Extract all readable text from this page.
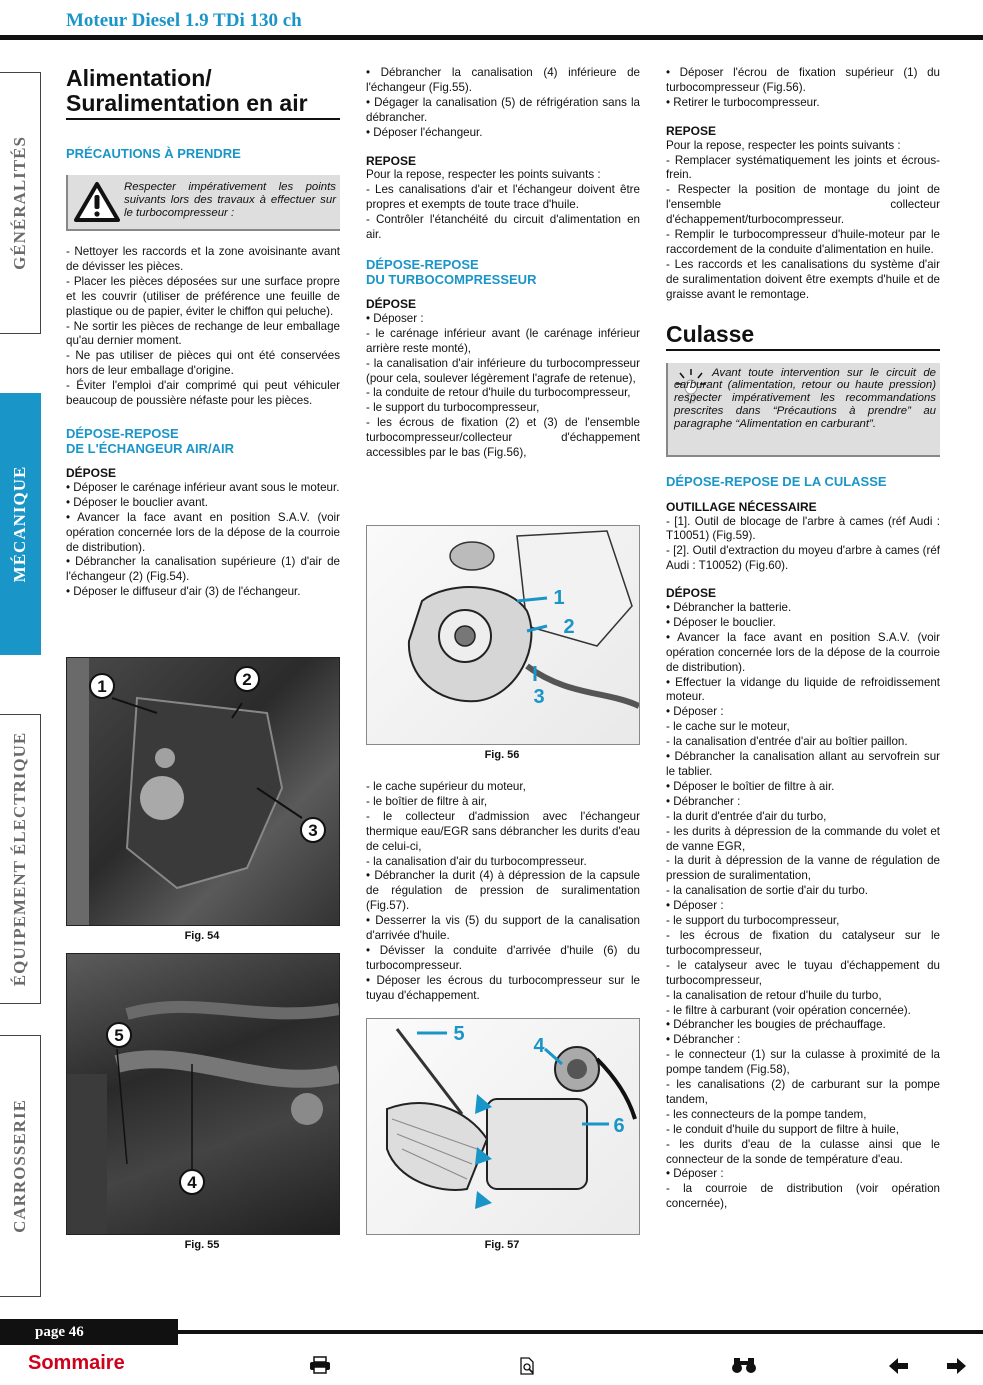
Moteur Diesel 1.9 TDi 130 ch
GÉNÉRALITÉS
MÉCANIQUE
ÉQUIPEMENT ÉLECTRIQUE
CARROSSERIE
Alimentation/
Suralimentation en air
PRÉCAUTIONS À PRENDRE
Respecter impérativement les points suivants lors des travaux à effectuer sur le turbocompresseur :

- Nettoyer les raccords et la zone avoisinante avant de dévisser les pièces.

- Placer les pièces déposées sur une surface propre et les couvrir (utiliser de préférence une feuille de plastique ou de papier, éviter le chiffon qui peluche).

- Ne sortir les pièces de rechange de leur emballage qu'au dernier moment.

- Ne pas utiliser de pièces qui ont été conservées hors de leur emballage d'origine.

- Éviter l'emploi d'air comprimé qui peut véhiculer beaucoup de poussière néfaste pour les pièces.

DÉPOSE-REPOSE
DE L'ÉCHANGEUR AIR/AIR

DÉPOSE

• Déposer le carénage inférieur avant sous le moteur.

• Déposer le bouclier avant.

• Avancer la face avant en position S.A.V. (voir opération concernée lors de la dépose de la courroie de distribution).

• Débrancher la canalisation supérieure (1) d'air de l'échangeur (2) (Fig.54).

• Déposer le diffuseur d'air (3) de l'échangeur.

1	2
3
Fig. 54
5
4
Fig. 55

• Débrancher la canalisation (4) inférieure de l'échangeur (Fig.55).

• Dégager la canalisation (5) de réfrigération sans la débrancher.

• Déposer l'échangeur.

REPOSE

Pour la repose, respecter les points suivants :

- Les canalisations d'air et l'échangeur doivent être propres et exempts de toute trace d'huile.

- Contrôler l'étanchéité du circuit d'alimentation en air.

DÉPOSE-REPOSE
DU TURBOCOMPRESSEUR

DÉPOSE

• Déposer :

- le carénage inférieur avant (le carénage inférieur arrière reste monté),

- la canalisation d'air inférieure du turbocompresseur (pour cela, soulever légèrement l'agrafe de retenue),

- la conduite de retour d'huile du turbocompresseur,

- le support du turbocompresseur,

- les écrous de fixation (2) et (3) de l'ensemble turbocompresseur/collecteur d'échappement accessibles par le bas (Fig.56),

1
2
3
Fig. 56

- le cache supérieur du moteur,

- le boîtier de filtre à air,

- le collecteur d'admission avec l'échangeur thermique eau/EGR sans débrancher les durits d'eau de celui-ci,

- la canalisation d'air du turbocompresseur.

• Débrancher la durit (4) à dépression de la capsule de régulation de pression de suralimentation (Fig.57).

• Desserrer la vis (5) du support de la canalisation d'arrivée d'huile.

• Dévisser la conduite d'arrivée d'huile (6) du turbocompresseur.

• Déposer les écrous du turbocompresseur sur le tuyau d'échappement.

5
4
6
Fig. 57

• Déposer l'écrou de fixation supérieur (1) du turbocompresseur (Fig.56).

• Retirer le turbocompresseur.

REPOSE

Pour la repose, respecter les points suivants :

- Remplacer systématiquement les joints et écrous-frein.

- Respecter la position de montage du joint de l'ensemble collecteur d'échappement/turbocompresseur.

- Remplir le turbocompresseur d'huile-moteur par le raccordement de la conduite d'alimentation en huile.

- Les raccords et les canalisations du système d'air de suralimentation doivent être exempts d'huile et de graisse avant le remontage.

Culasse
Avant toute intervention sur le circuit de carburant (alimentation, retour ou haute pression) respecter impérativement les recommandations prescrites dans “Précautions à prendre” au paragraphe “Alimentation en carburant”.
DÉPOSE-REPOSE DE LA CULASSE

OUTILLAGE NÉCESSAIRE

- [1]. Outil de blocage de l'arbre à cames (réf Audi : T10051) (Fig.59).

- [2]. Outil d'extraction du moyeu d'arbre à cames (réf Audi : T10052) (Fig.60).

DÉPOSE

• Débrancher la batterie.

• Déposer le bouclier.

• Avancer la face avant en position S.A.V. (voir opération concernée lors de la dépose de la courroie de distribution).

• Effectuer la vidange du liquide de refroidissement moteur.

• Déposer :

- le cache sur le moteur,

- la canalisation d'entrée d'air au boîtier paillon.

• Débrancher la canalisation allant au servofrein sur le tablier.

• Déposer le boîtier de filtre à air.

• Débrancher :

- la durit d'entrée d'air du turbo,

- les durits à dépression de la commande du volet et de vanne EGR,

- la durit à dépression de la vanne de régulation de pression de suralimentation,

- la canalisation de sortie d'air du turbo.

• Déposer :

- le support du turbocompresseur,

- les écrous de fixation du catalyseur sur le turbocompresseur,

- le catalyseur avec le tuyau d'échappement du turbocompresseur,

- la canalisation de retour d'huile du turbo,

- le filtre à carburant (voir opération concernée).

• Débrancher les bougies de préchauffage.

• Débrancher :

- le connecteur (1) sur la culasse à proximité de la pompe tandem (Fig.58),

- les canalisations (2) de carburant sur la pompe tandem,

- les connecteurs de la pompe tandem,

- le conduit d'huile du support de filtre à huile,

- les durits d'eau de la culasse ainsi que le connecteur de la sonde de température d'eau.

• Déposer :

- la courroie de distribution (voir opération concernée),

page 46
Sommaire
